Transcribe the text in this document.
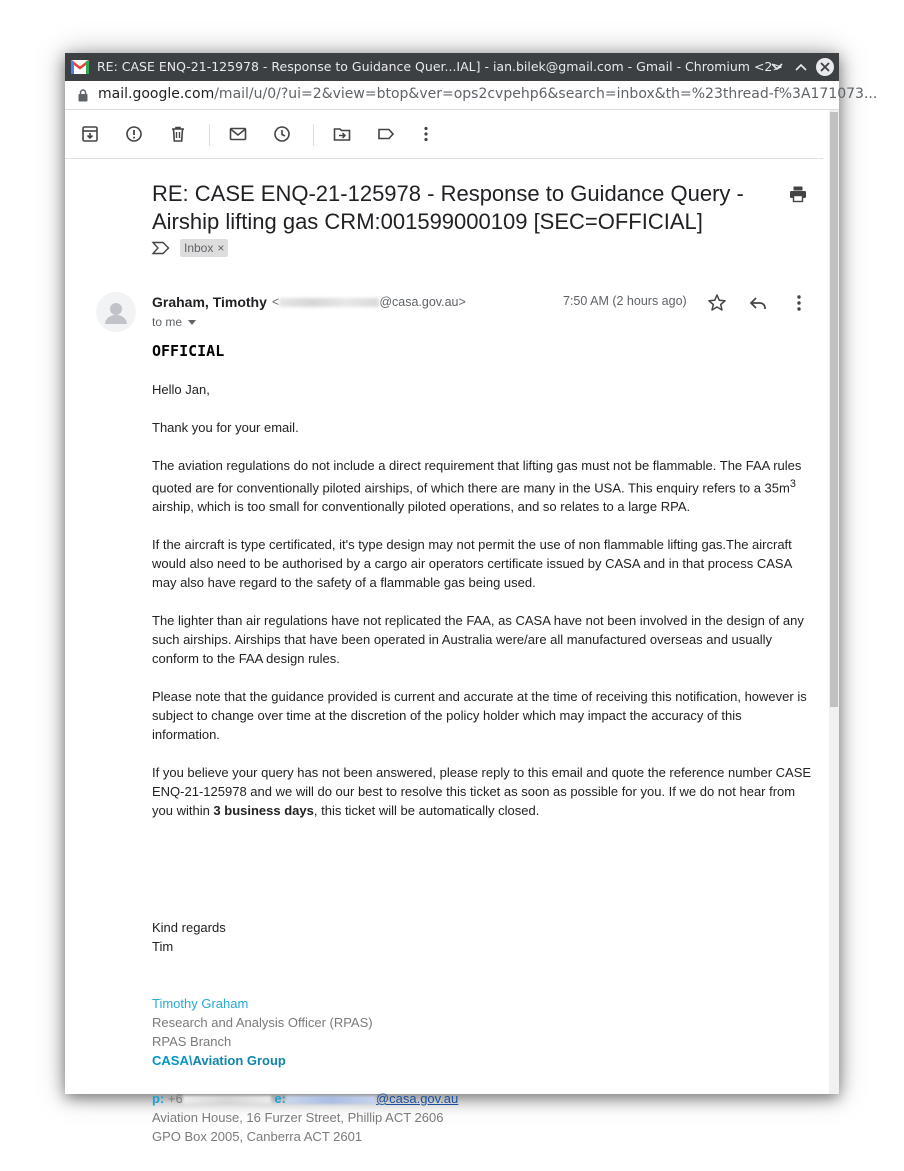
RE: CASE ENQ-21-125978 - Response to Guidance Quer...IAL] - ian.bilek@gmail.com - Gmail - Chromium <2>
mail.google.com/mail/u/0/?ui=2&view=btop&ver=ops2cvpehp6&search=inbox&th=%23thread-f%3A171073...
RE: CASE ENQ-21-125978 - Response to Guidance Query - Airship lifting gas CRM:001599000109 [SEC=OFFICIAL]
Inbox ×
Graham, Timothy <	@casa.gov.au>
to me
7:50 AM (2 hours ago)
OFFICIAL

Hello Jan,

Thank you for your email.

The aviation regulations do not include a direct requirement that lifting gas must not be flammable. The FAA rules quoted are for conventionally piloted airships, of which there are many in the USA. This enquiry refers to a $35m^3$ airship, which is too small for conventionally piloted operations, and so relates to a large RPA.

If the aircraft is type certificated, it's type design may not permit the use of non flammable lifting gas.The aircraft would also need to be authorised by a cargo air operators certificate issued by CASA and in that process CASA may also have regard to the safety of a flammable gas being used.

The lighter than air regulations have not replicated the FAA, as CASA have not been involved in the design of any such airships. Airships that have been operated in Australia were/are all manufactured overseas and usually conform to the FAA design rules.

Please note that the guidance provided is current and accurate at the time of receiving this notification, however is subject to change over time at the discretion of the policy holder which may impact the accuracy of this information.

If you believe your query has not been answered, please reply to this email and quote the reference number CASE ENQ-21-125978 and we will do our best to resolve this ticket as soon as possible for you. If we do not hear from you within 3 business days, this ticket will be automatically closed.

Kind regards
Tim
Timothy Graham
Research and Analysis Officer (RPAS)
RPAS Branch
CASA\Aviation Group
p: +6	e:	@casa.gov.au
Aviation House, 16 Furzer Street, Phillip ACT 2606
GPO Box 2005, Canberra ACT 2601
